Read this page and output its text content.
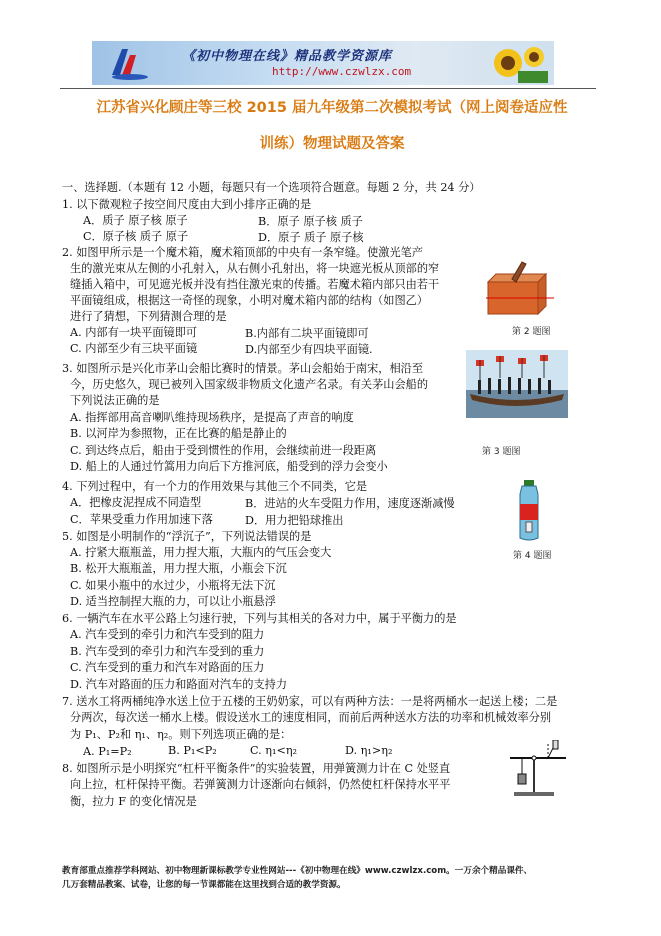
《初中物理在线》精品教学资源库
http://www.czwlzx.com
江苏省兴化顾庄等三校 2015 届九年级第二次模拟考试（网上阅卷适应性
训练）物理试题及答案
一、选择题.（本题有 12 小题，每题只有一个选项符合题意。每题 2 分，共 24 分）
1. 以下微观粒子按空间尺度由大到小排序正确的是
A．质子 原子核 原子	B．原子 原子核 质子
C．原子核 质子 原子	D．原子 质子 原子核
2. 如图甲所示是一个魔术箱，魔术箱顶部的中央有一条窄缝。使激光笔产
生的激光束从左侧的小孔射入，从右侧小孔射出，将一块遮光板从顶部的窄
缝插入箱中，可见遮光板并没有挡住激光束的传播。若魔术箱内部只由若干
平面镜组成，根据这一奇怪的现象，小明对魔术箱内部的结构（如图乙）
进行了猜想，下列猜测合理的是
A. 内部有一块平面镜即可	B.内部有二块平面镜即可
C. 内部至少有三块平面镜	D.内部至少有四块平面镜.
第 2 题图
3. 如图所示是兴化市茅山会船比赛时的情景。茅山会船始于南宋，相沿至
今，历史悠久，现已被列入国家级非物质文化遗产名录。有关茅山会船的
下列说法正确的是
A. 指挥部用高音喇叭维持现场秩序，是提高了声音的响度
B. 以河岸为参照物，正在比赛的船是静止的
C. 到达终点后，船由于受到惯性的作用，会继续前进一段距离
D. 船上的人通过竹篙用力向后下方推河底，船受到的浮力会变小
第 3 题图
4. 下列过程中，有一个力的作用效果与其他三个不同类，它是
A．把橡皮泥捏成不同造型	B．进站的火车受阻力作用，速度逐渐减慢
C．苹果受重力作用加速下落	D．用力把铅球推出
第 4 题图
5. 如图是小明制作的“浮沉子”，下列说法错误的是
A. 拧紧大瓶瓶盖，用力捏大瓶，大瓶内的气压会变大
B. 松开大瓶瓶盖，用力捏大瓶，小瓶会下沉
C. 如果小瓶中的水过少，小瓶将无法下沉
D. 适当控制捏大瓶的力，可以让小瓶悬浮
6. 一辆汽车在水平公路上匀速行驶，下列与其相关的各对力中，属于平衡力的是
A. 汽车受到的牵引力和汽车受到的阻力
B. 汽车受到的牵引力和汽车受到的重力
C. 汽车受到的重力和汽车对路面的压力
D. 汽车对路面的压力和路面对汽车的支持力
7. 送水工将两桶纯净水送上位于五楼的王奶奶家，可以有两种方法：一是将两桶水一起送上楼；二是
分两次，每次送一桶水上楼。假设送水工的速度相同，而前后两种送水方法的功率和机械效率分别
为 P₁、P₂和 η₁、η₂。则下列选项正确的是：
A. P₁=P₂	B. P₁<P₂	C. η₁<η₂	D. η₁>η₂
8. 如图所示是小明探究“杠杆平衡条件”的实验装置，用弹簧测力计在 C 处竖直
向上拉，杠杆保持平衡。若弹簧测力计逐渐向右倾斜，仍然使杠杆保持水平平
衡，拉力 F 的变化情况是
教育部重点推荐学科网站、初中物理新课标教学专业性网站---《初中物理在线》www.czwlzx.com。一万余个精品课件、
几万套精品教案、试卷，让您的每一节课都能在这里找到合适的教学资源。
